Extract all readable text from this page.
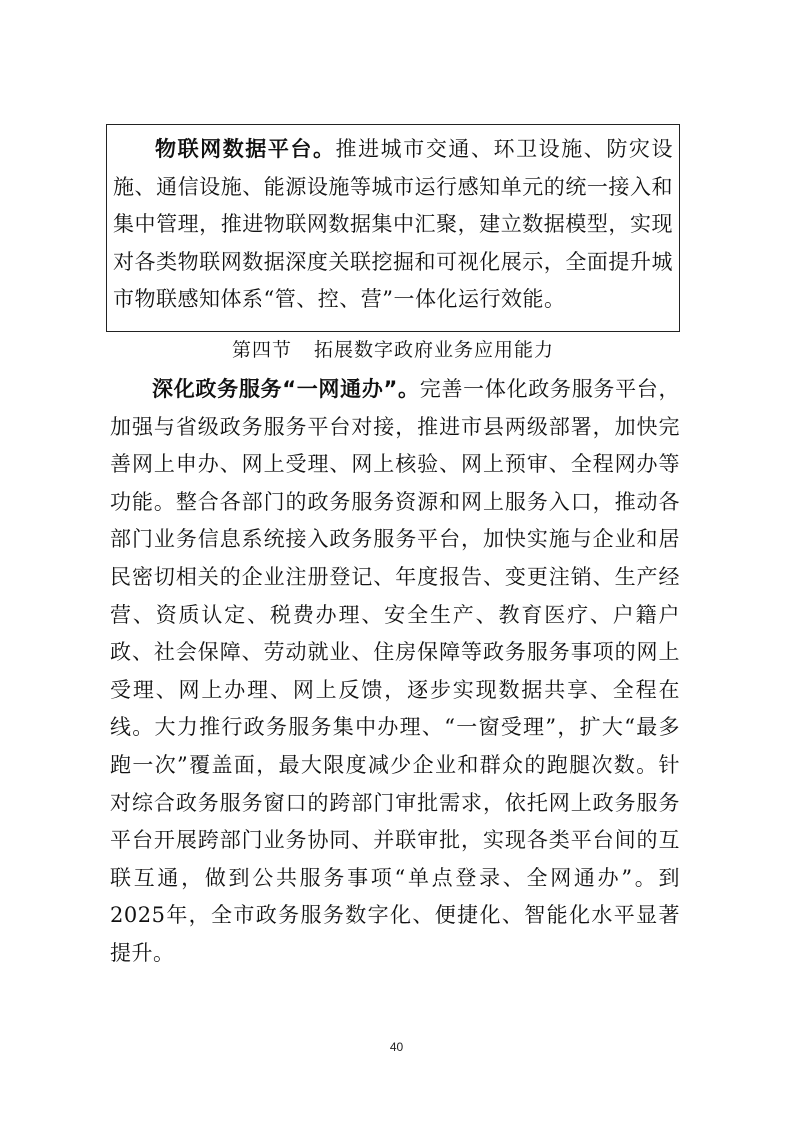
物联网数据平台。推进城市交通、环卫设施、防灾设施、通信设施、能源设施等城市运行感知单元的统一接入和集中管理，推进物联网数据集中汇聚，建立数据模型，实现对各类物联网数据深度关联挖掘和可视化展示，全面提升城市物联感知体系“管、控、营”一体化运行效能。

第四节 拓展数字政府业务应用能力

深化政务服务“一网通办”。完善一体化政务服务平台，加强与省级政务服务平台对接，推进市县两级部署，加快完善网上申办、网上受理、网上核验、网上预审、全程网办等功能。整合各部门的政务服务资源和网上服务入口，推动各部门业务信息系统接入政务服务平台，加快实施与企业和居民密切相关的企业注册登记、年度报告、变更注销、生产经营、资质认定、税费办理、安全生产、教育医疗、户籍户政、社会保障、劳动就业、住房保障等政务服务事项的网上受理、网上办理、网上反馈，逐步实现数据共享、全程在线。大力推行政务服务集中办理、“一窗受理”，扩大“最多跑一次”覆盖面，最大限度减少企业和群众的跑腿次数。针对综合政务服务窗口的跨部门审批需求，依托网上政务服务平台开展跨部门业务协同、并联审批，实现各类平台间的互联互通，做到公共服务事项“单点登录、全网通办”。到2025年，全市政务服务数字化、便捷化、智能化水平显著提升。

40
